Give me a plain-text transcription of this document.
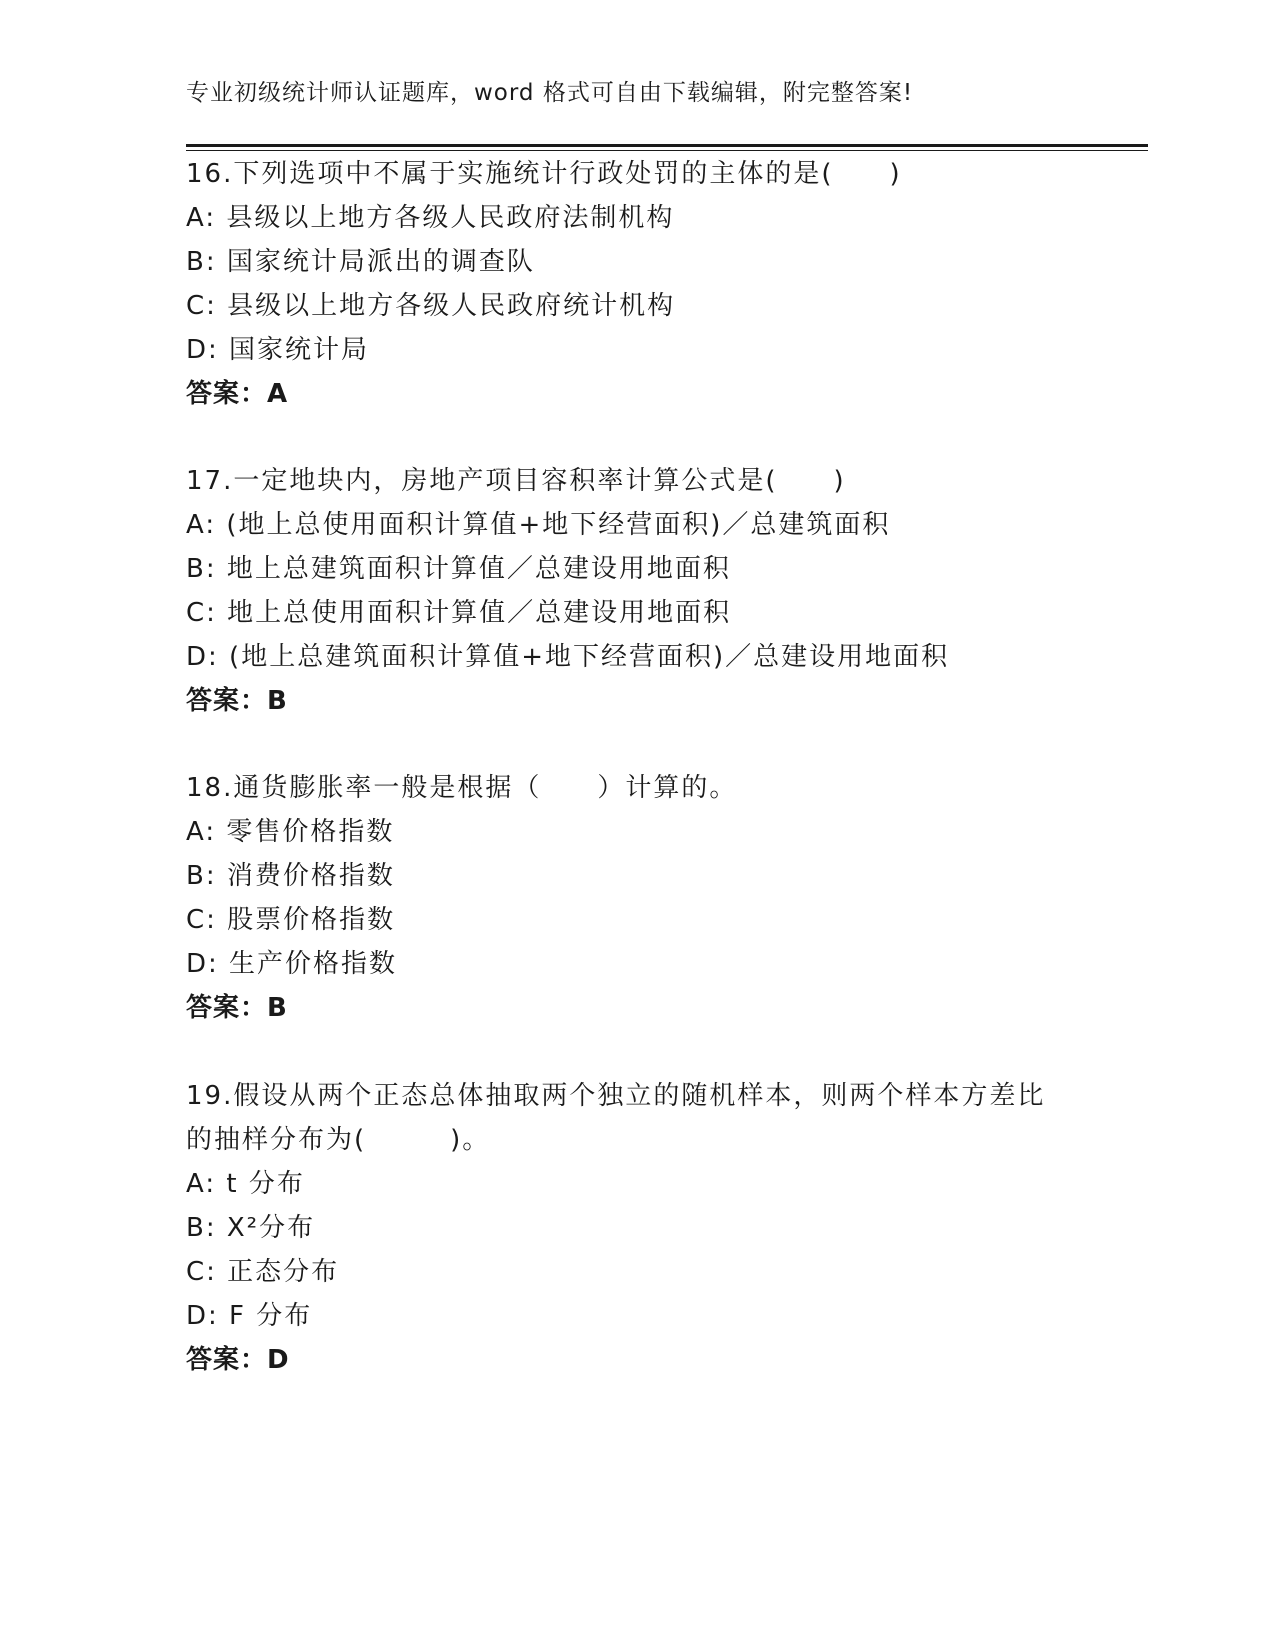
专业初级统计师认证题库，word 格式可自由下载编辑，附完整答案!
16.下列选项中不属于实施统计行政处罚的主体的是(　　)
A: 县级以上地方各级人民政府法制机构
B: 国家统计局派出的调查队
C: 县级以上地方各级人民政府统计机构
D: 国家统计局
答案：A
17.一定地块内，房地产项目容积率计算公式是(　　)
A: (地上总使用面积计算值+地下经营面积)／总建筑面积
B: 地上总建筑面积计算值／总建设用地面积
C: 地上总使用面积计算值／总建设用地面积
D: (地上总建筑面积计算值+地下经营面积)／总建设用地面积
答案：B
18.通货膨胀率一般是根据（　　）计算的。
A: 零售价格指数
B: 消费价格指数
C: 股票价格指数
D: 生产价格指数
答案：B
19.假设从两个正态总体抽取两个独立的随机样本，则两个样本方差比
的抽样分布为(　　　)。
A: t 分布
B: X²分布
C: 正态分布
D: F 分布
答案：D
